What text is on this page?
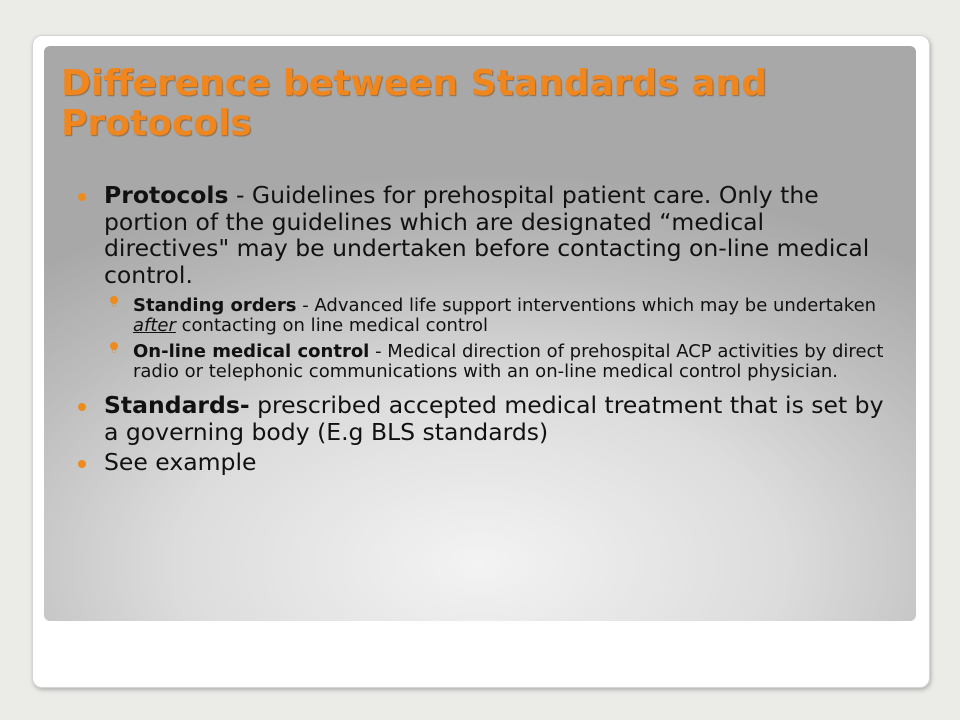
Difference between Standards and Protocols
Protocols - Guidelines for prehospital patient care. Only the portion of the guidelines which are designated “medical directives" may be undertaken before contacting on-line medical control.
◦ Standing orders - Advanced life support interventions which may be undertaken after contacting on line medical control
◦ On-line medical control - Medical direction of prehospital ACP activities by direct radio or telephonic communications with an on-line medical control physician.
Standards- prescribed accepted medical treatment that is set by a governing body (E.g BLS standards)
See example
